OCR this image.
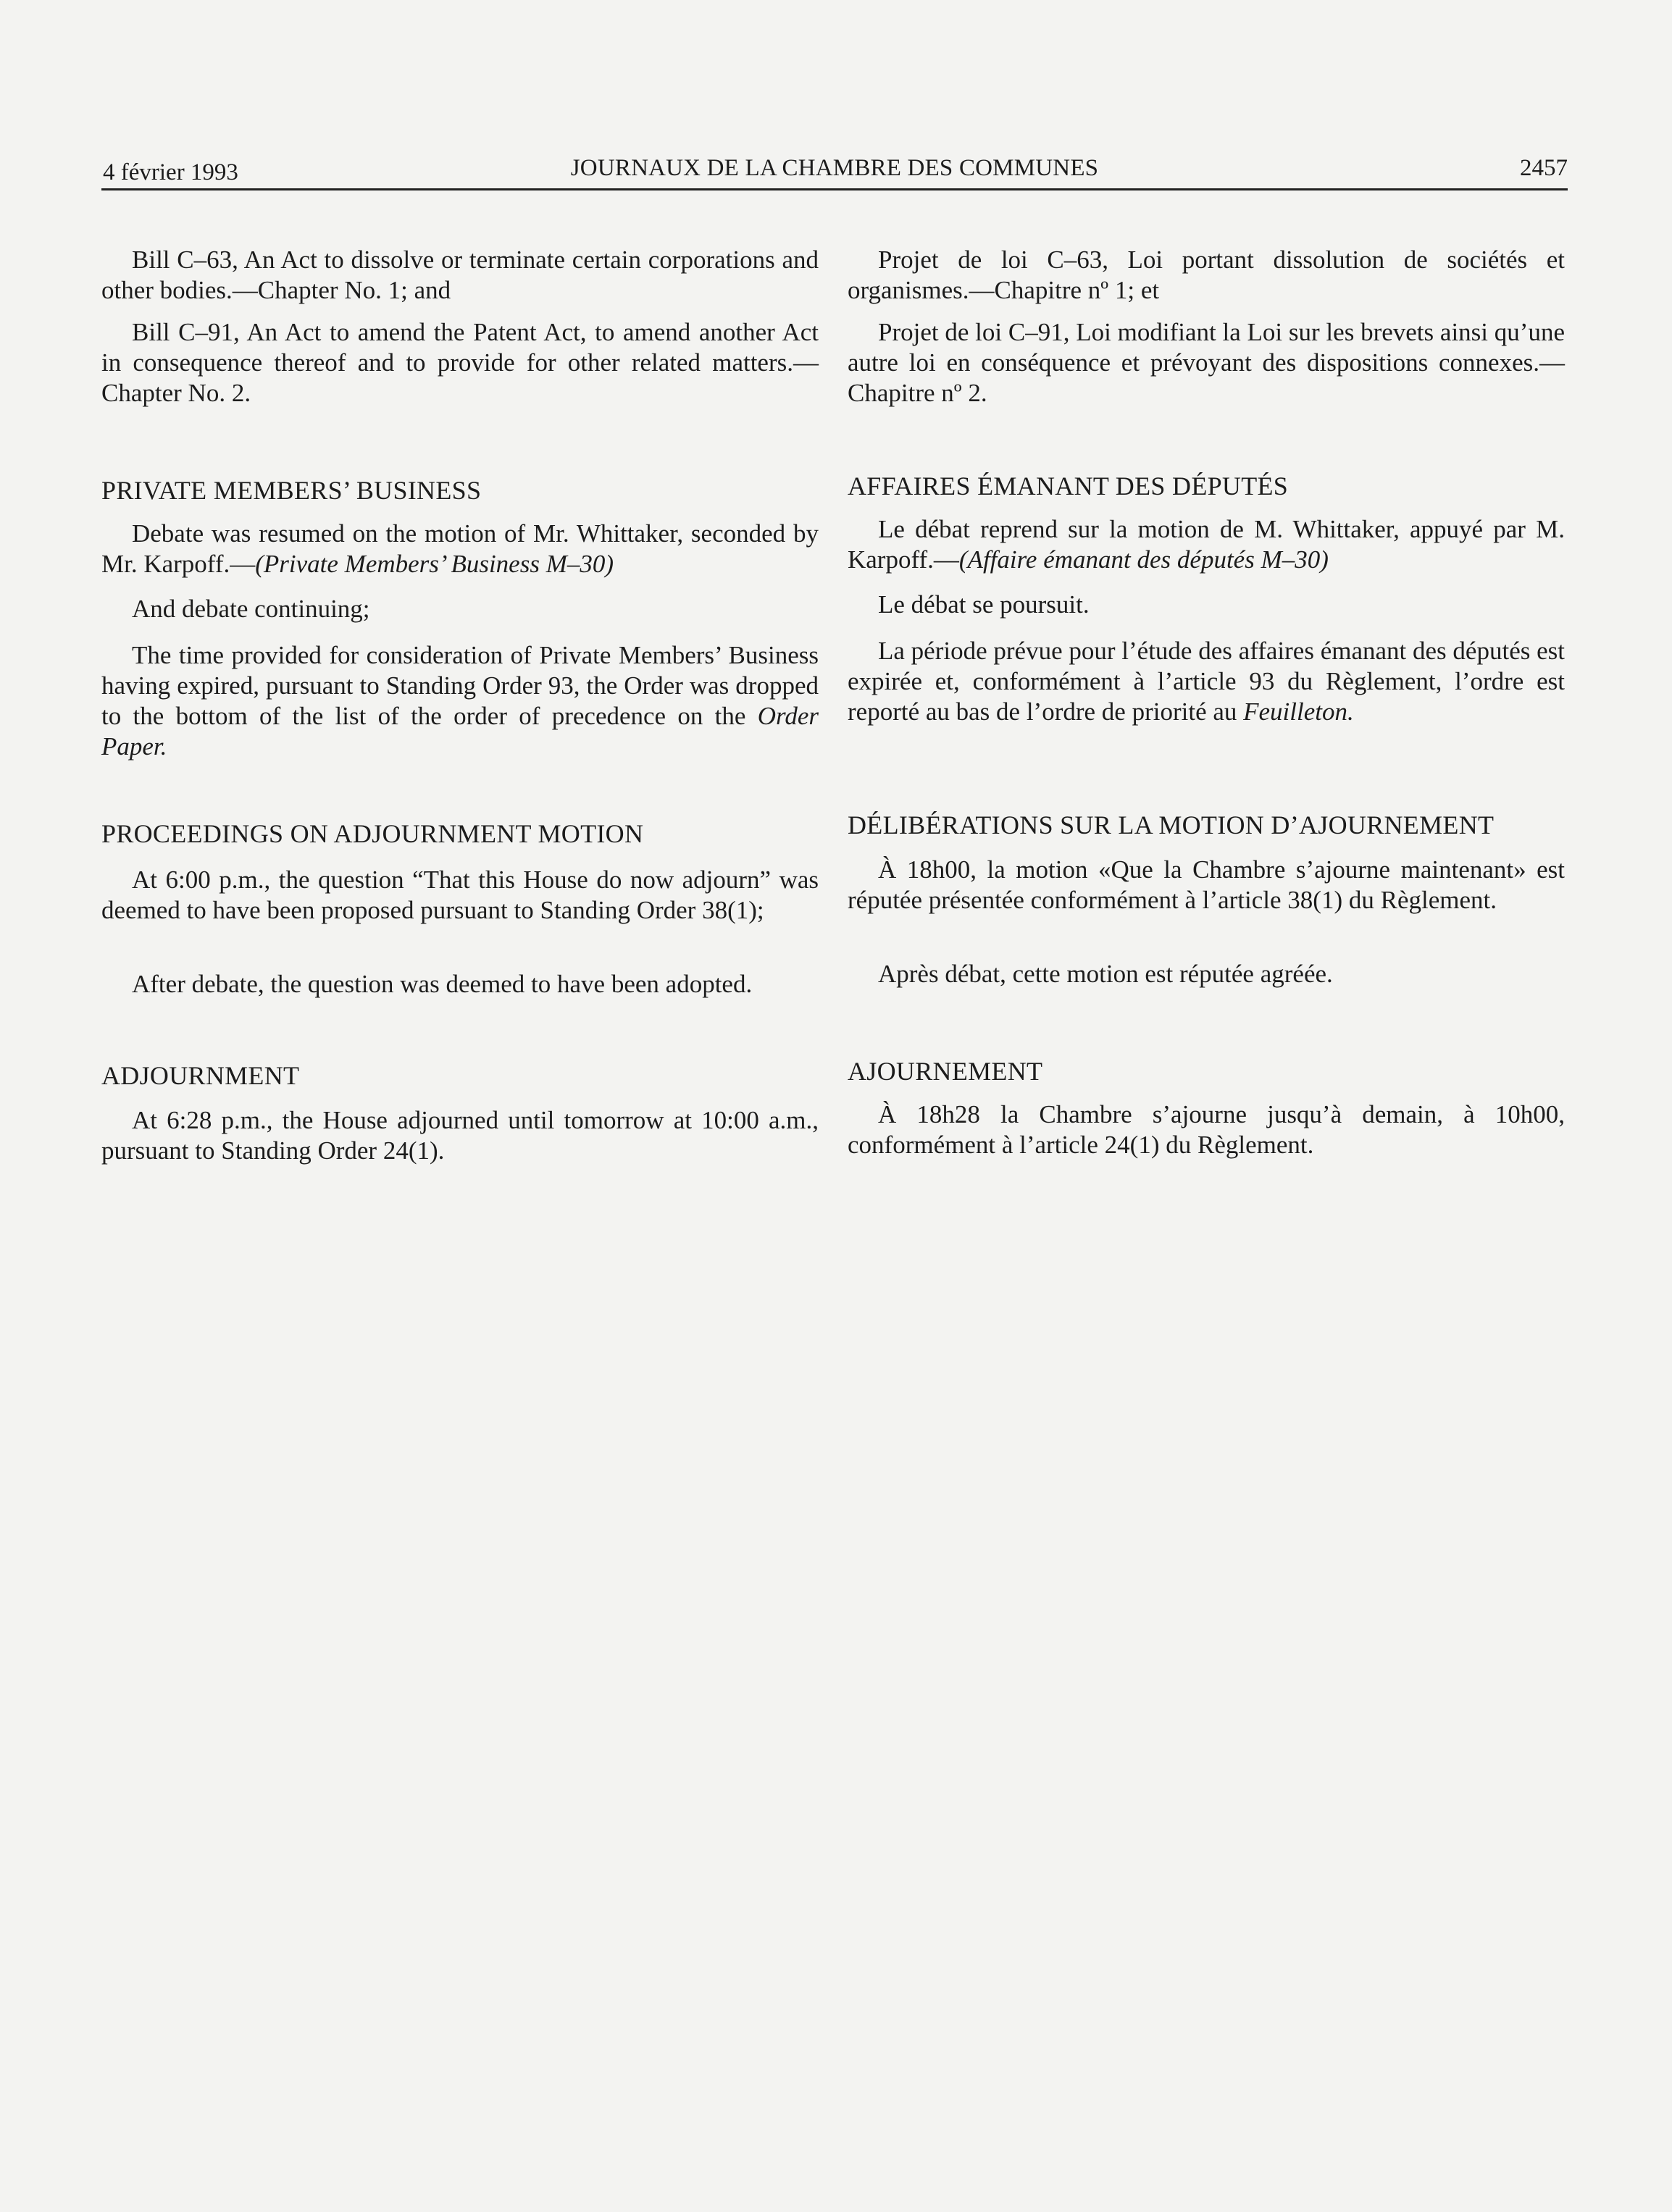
4 février 1993	JOURNAUX DE LA CHAMBRE DES COMMUNES	2457

Bill C–63, An Act to dissolve or terminate certain corporations and other bodies.—Chapter No. 1; and

Bill C–91, An Act to amend the Patent Act, to amend another Act in consequence thereof and to provide for other related matters.—Chapter No. 2.

PRIVATE MEMBERS’ BUSINESS

Debate was resumed on the motion of Mr. Whittaker, seconded by Mr. Karpoff.—(Private Members’ Business M–30)

And debate continuing;

The time provided for consideration of Private Members’ Business having expired, pursuant to Standing Order 93, the Order was dropped to the bottom of the list of the order of precedence on the Order Paper.

PROCEEDINGS ON ADJOURNMENT MOTION

At 6:00 p.m., the question “That this House do now adjourn” was deemed to have been proposed pursuant to Standing Order 38(1);

After debate, the question was deemed to have been adopted.

ADJOURNMENT

At 6:28 p.m., the House adjourned until tomorrow at 10:00 a.m., pursuant to Standing Order 24(1).

Projet de loi C–63, Loi portant dissolution de sociétés et organismes.—Chapitre nº 1; et

Projet de loi C–91, Loi modifiant la Loi sur les brevets ainsi qu’une autre loi en conséquence et prévoyant des dispositions connexes.—Chapitre nº 2.

AFFAIRES ÉMANANT DES DÉPUTÉS

Le débat reprend sur la motion de M. Whittaker, appuyé par M. Karpoff.—(Affaire émanant des députés M–30)

Le débat se poursuit.

La période prévue pour l’étude des affaires émanant des députés est expirée et, conformément à l’article 93 du Règlement, l’ordre est reporté au bas de l’ordre de priorité au Feuilleton.

DÉLIBÉRATIONS SUR LA MOTION D’AJOURNEMENT

À 18h00, la motion «Que la Chambre s’ajourne maintenant» est réputée présentée conformément à l’article 38(1) du Règlement.

Après débat, cette motion est réputée agréée.

AJOURNEMENT

À 18h28 la Chambre s’ajourne jusqu’à demain, à 10h00, conformément à l’article 24(1) du Règlement.
